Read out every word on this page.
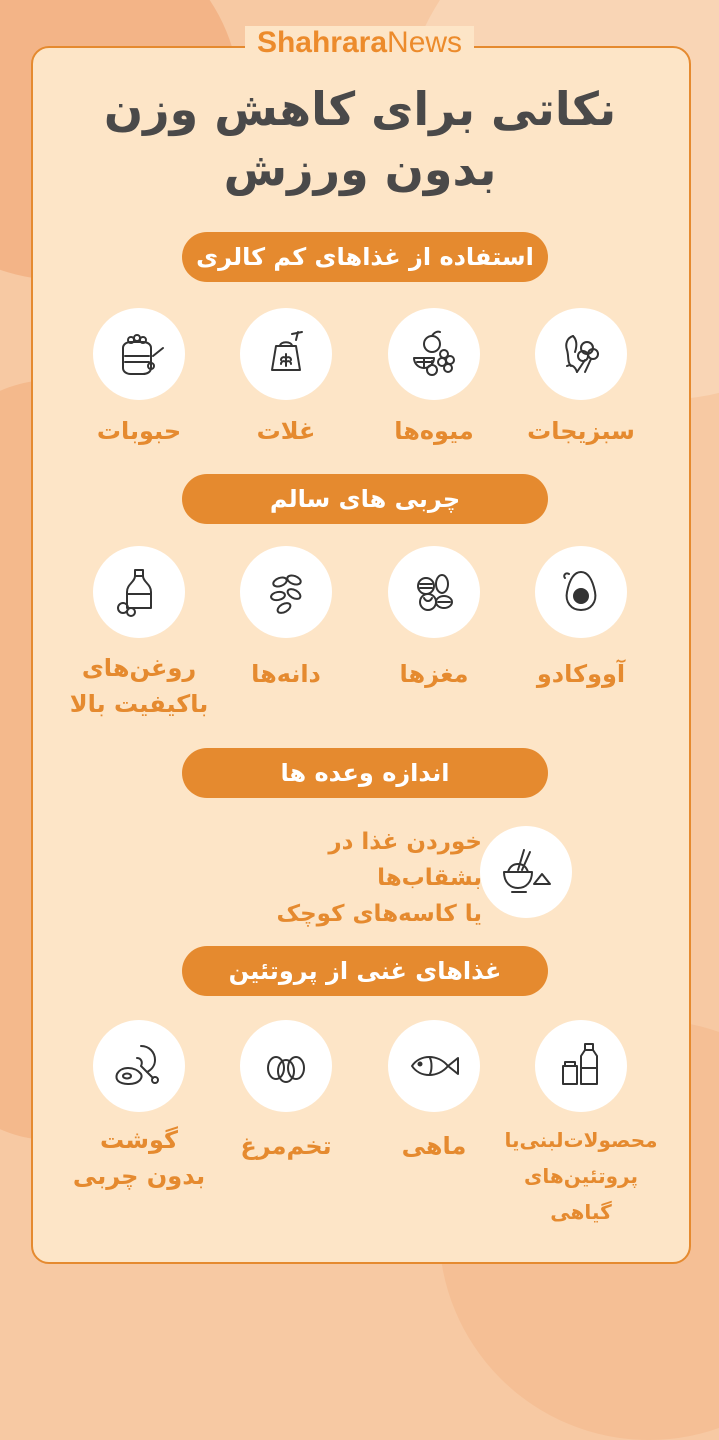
ShahraraNews
نکاتی برای کاهش وزن
بدون ورزش
استفاده از غذاهای کم کالری
سبزیجات
میوه‌ها
غلات
حبوبات
چربی های سالم
آووکادو
مغزها
دانه‌ها
روغن‌های
باکیفیت بالا
اندازه وعده ها
خوردن غذا در بشقاب‌ها
یا کاسه‌های کوچک
غذاهای غنی از پروتئین
محصولات‌لبنی‌یا
پروتئین‌های گیاهی
ماهی
تخم‌مرغ
گوشت
بدون چربی
